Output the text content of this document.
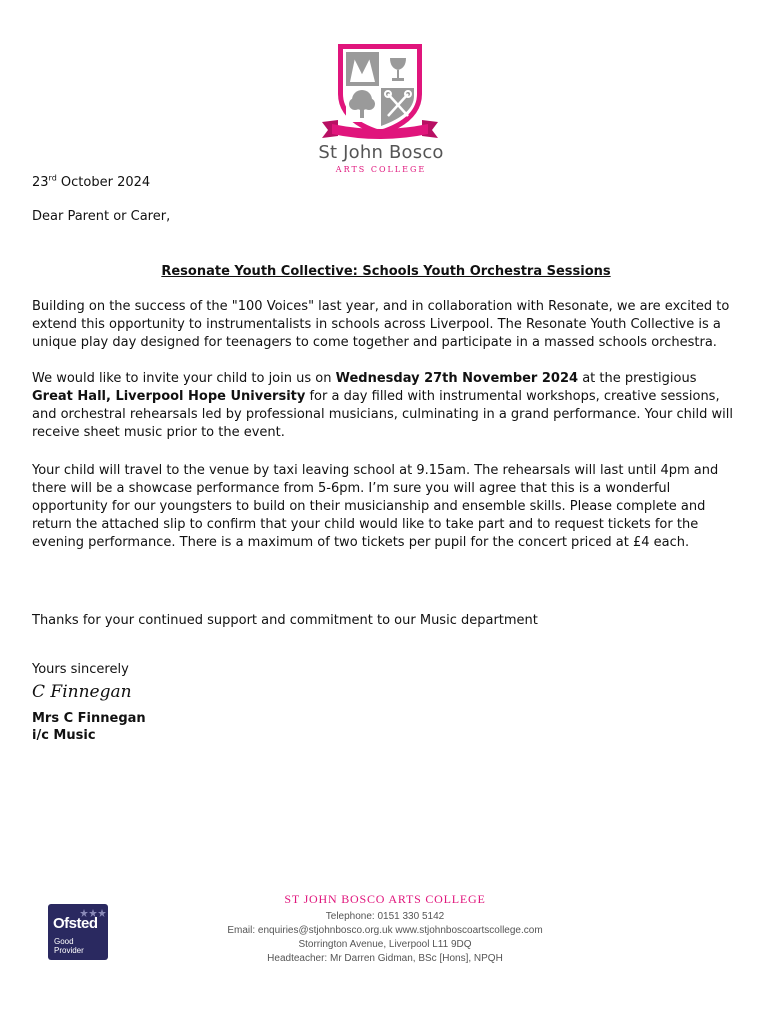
St John Bosco
ARTS COLLEGE
23rd October 2024
Dear Parent or Carer,
Resonate Youth Collective: Schools Youth Orchestra Sessions
Building on the success of the "100 Voices" last year, and in collaboration with Resonate, we are excited to extend this opportunity to instrumentalists in schools across Liverpool. The Resonate Youth Collective is a unique play day designed for teenagers to come together and participate in a massed schools orchestra.
We would like to invite your child to join us on Wednesday 27th November 2024 at the prestigious Great Hall, Liverpool Hope University for a day filled with instrumental workshops, creative sessions, and orchestral rehearsals led by professional musicians, culminating in a grand performance. Your child will receive sheet music prior to the event.
Your child will travel to the venue by taxi leaving school at 9.15am. The rehearsals will last until 4pm and there will be a showcase performance from 5-6pm. I’m sure you will agree that this is a wonderful opportunity for our youngsters to build on their musicianship and ensemble skills. Please complete and return the attached slip to confirm that your child would like to take part and to request tickets for the evening performance. There is a maximum of two tickets per pupil for the concert priced at £4 each.
Thanks for your continued support and commitment to our Music department
Yours sincerely
C Finnegan
Mrs C Finnegan
i/c Music
Ofsted
Good
Provider
ST JOHN BOSCO ARTS COLLEGE
Telephone: 0151 330 5142
Email: enquiries@stjohnbosco.org.uk www.stjohnboscoartscollege.com
Storrington Avenue, Liverpool L11 9DQ
Headteacher: Mr Darren Gidman, BSc [Hons], NPQH
